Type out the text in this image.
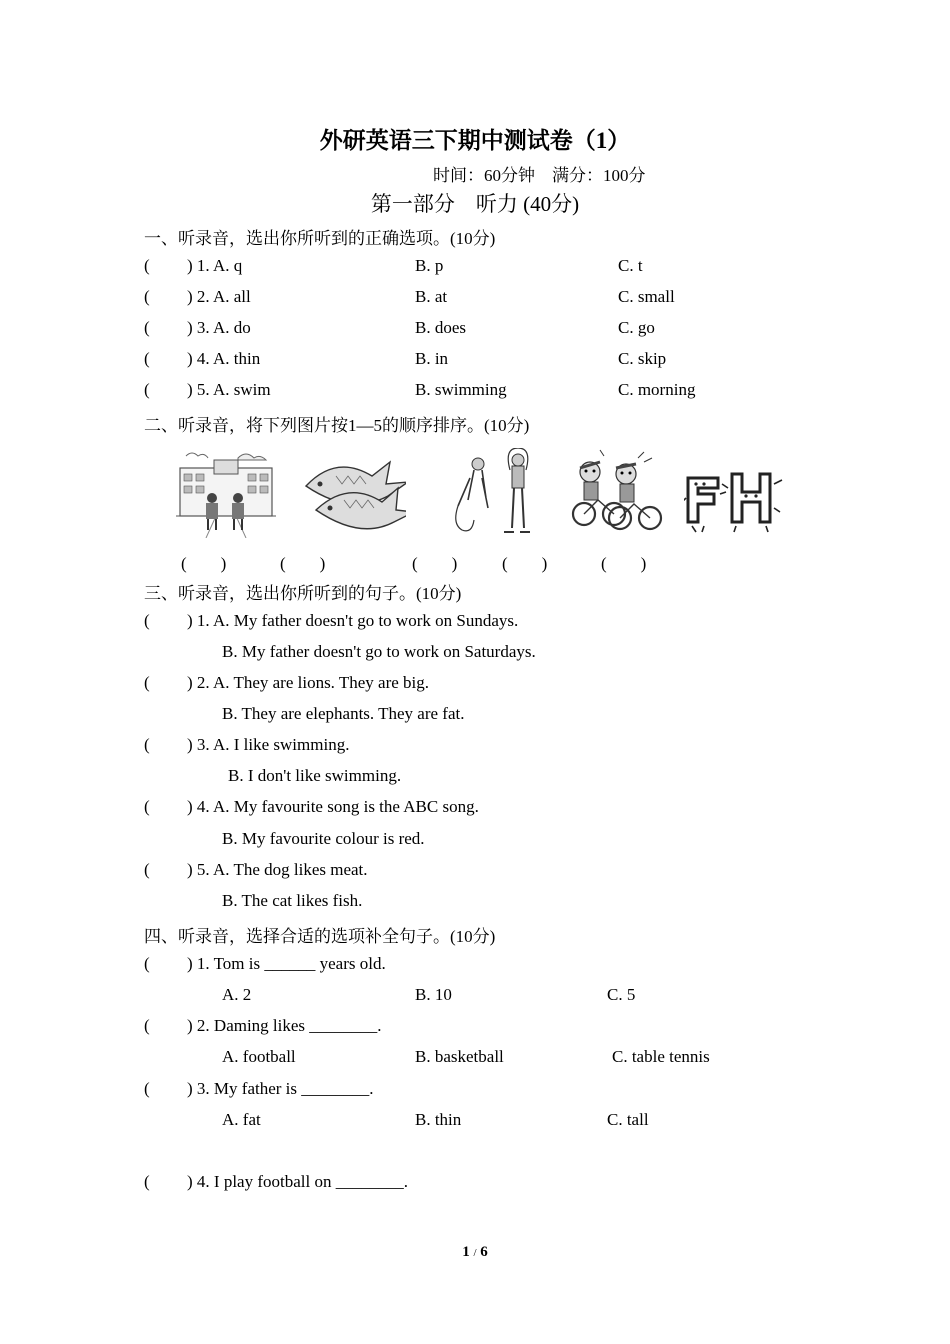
外研英语三下期中测试卷（1）
时间：60分钟　满分：100分
第一部分　听力 (40分)
一、听录音，选出你所听到的正确选项。(10分)
( ) 1. A. q	B. p	C. t
( ) 2. A. all	B. at	C. small
( ) 3. A. do	B. does	C. go
( ) 4. A. thin	B. in	C. skip
( ) 5. A. swim	B. swimming	C. morning
二、听录音，将下列图片按1—5的顺序排序。(10分)
(　　)	(　　)	(　　)	(　　)	(　　)
三、听录音，选出你所听到的句子。(10分)
( ) 1. A. My father doesn't go to work on Sundays.
B. My father doesn't go to work on Saturdays.
( ) 2. A. They are lions. They are big.
B. They are elephants. They are fat.
( ) 3. A. I like swimming.
B. I don't like swimming.
( ) 4. A. My favourite song is the ABC song.
B. My favourite colour is red.
( ) 5. A. The dog likes meat.
B. The cat likes fish.
四、听录音，选择合适的选项补全句子。(10分)
( ) 1. Tom is ______ years old.
A. 2	B. 10	C. 5
( ) 2. Daming likes ________.
A. football	B. basketball	C. table tennis
( ) 3. My father is ________.
A. fat	B. thin	C. tall
( ) 4. I play football on ________.
1 / 6
